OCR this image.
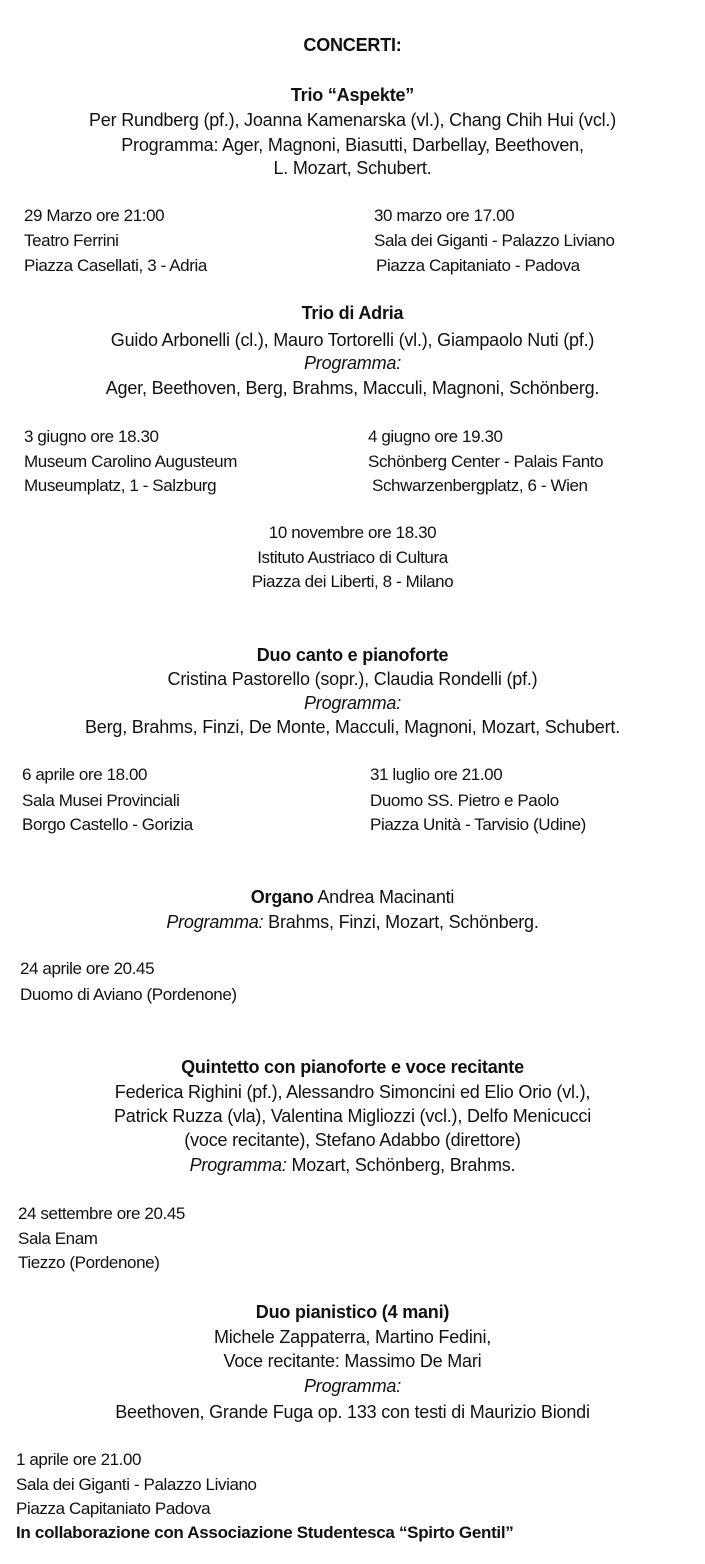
CONCERTI:
Trio “Aspekte”
Per Rundberg (pf.), Joanna Kamenarska (vl.), Chang Chih Hui (vcl.)
Programma: Ager, Magnoni, Biasutti, Darbellay, Beethoven,
L. Mozart, Schubert.
29 Marzo ore 21:00
Teatro Ferrini
Piazza Casellati, 3 - Adria
30 marzo ore 17.00
Sala dei Giganti - Palazzo Liviano
Piazza Capitaniato - Padova
Trio di Adria
Guido Arbonelli (cl.), Mauro Tortorelli (vl.), Giampaolo Nuti (pf.)
Programma:
Ager, Beethoven, Berg, Brahms, Macculi, Magnoni, Schönberg.
3 giugno ore 18.30
Museum Carolino Augusteum
Museumplatz, 1 - Salzburg
4 giugno ore 19.30
Schönberg Center - Palais Fanto
Schwarzenbergplatz, 6 - Wien
10 novembre ore 18.30
Istituto Austriaco di Cultura
Piazza dei Liberti, 8 - Milano
Duo canto e pianoforte
Cristina Pastorello (sopr.), Claudia Rondelli (pf.)
Programma:
Berg, Brahms, Finzi, De Monte, Macculi, Magnoni, Mozart, Schubert.
6 aprile ore 18.00
Sala Musei Provinciali
Borgo Castello - Gorizia
31 luglio ore 21.00
Duomo SS. Pietro e Paolo
Piazza Unità - Tarvisio (Udine)
Organo Andrea Macinanti
Programma: Brahms, Finzi, Mozart, Schönberg.
24 aprile ore 20.45
Duomo di Aviano (Pordenone)
Quintetto con pianoforte e voce recitante
Federica Righini (pf.), Alessandro Simoncini ed Elio Orio (vl.),
Patrick Ruzza (vla), Valentina Migliozzi (vcl.), Delfo Menicucci
(voce recitante), Stefano Adabbo (direttore)
Programma: Mozart, Schönberg, Brahms.
24 settembre ore 20.45
Sala Enam
Tiezzo (Pordenone)
Duo pianistico (4 mani)
Michele Zappaterra, Martino Fedini,
Voce recitante: Massimo De Mari
Programma:
Beethoven, Grande Fuga op. 133 con testi di Maurizio Biondi
1 aprile ore 21.00
Sala dei Giganti - Palazzo Liviano
Piazza Capitaniato Padova
In collaborazione con Associazione Studentesca “Spirto Gentil”
